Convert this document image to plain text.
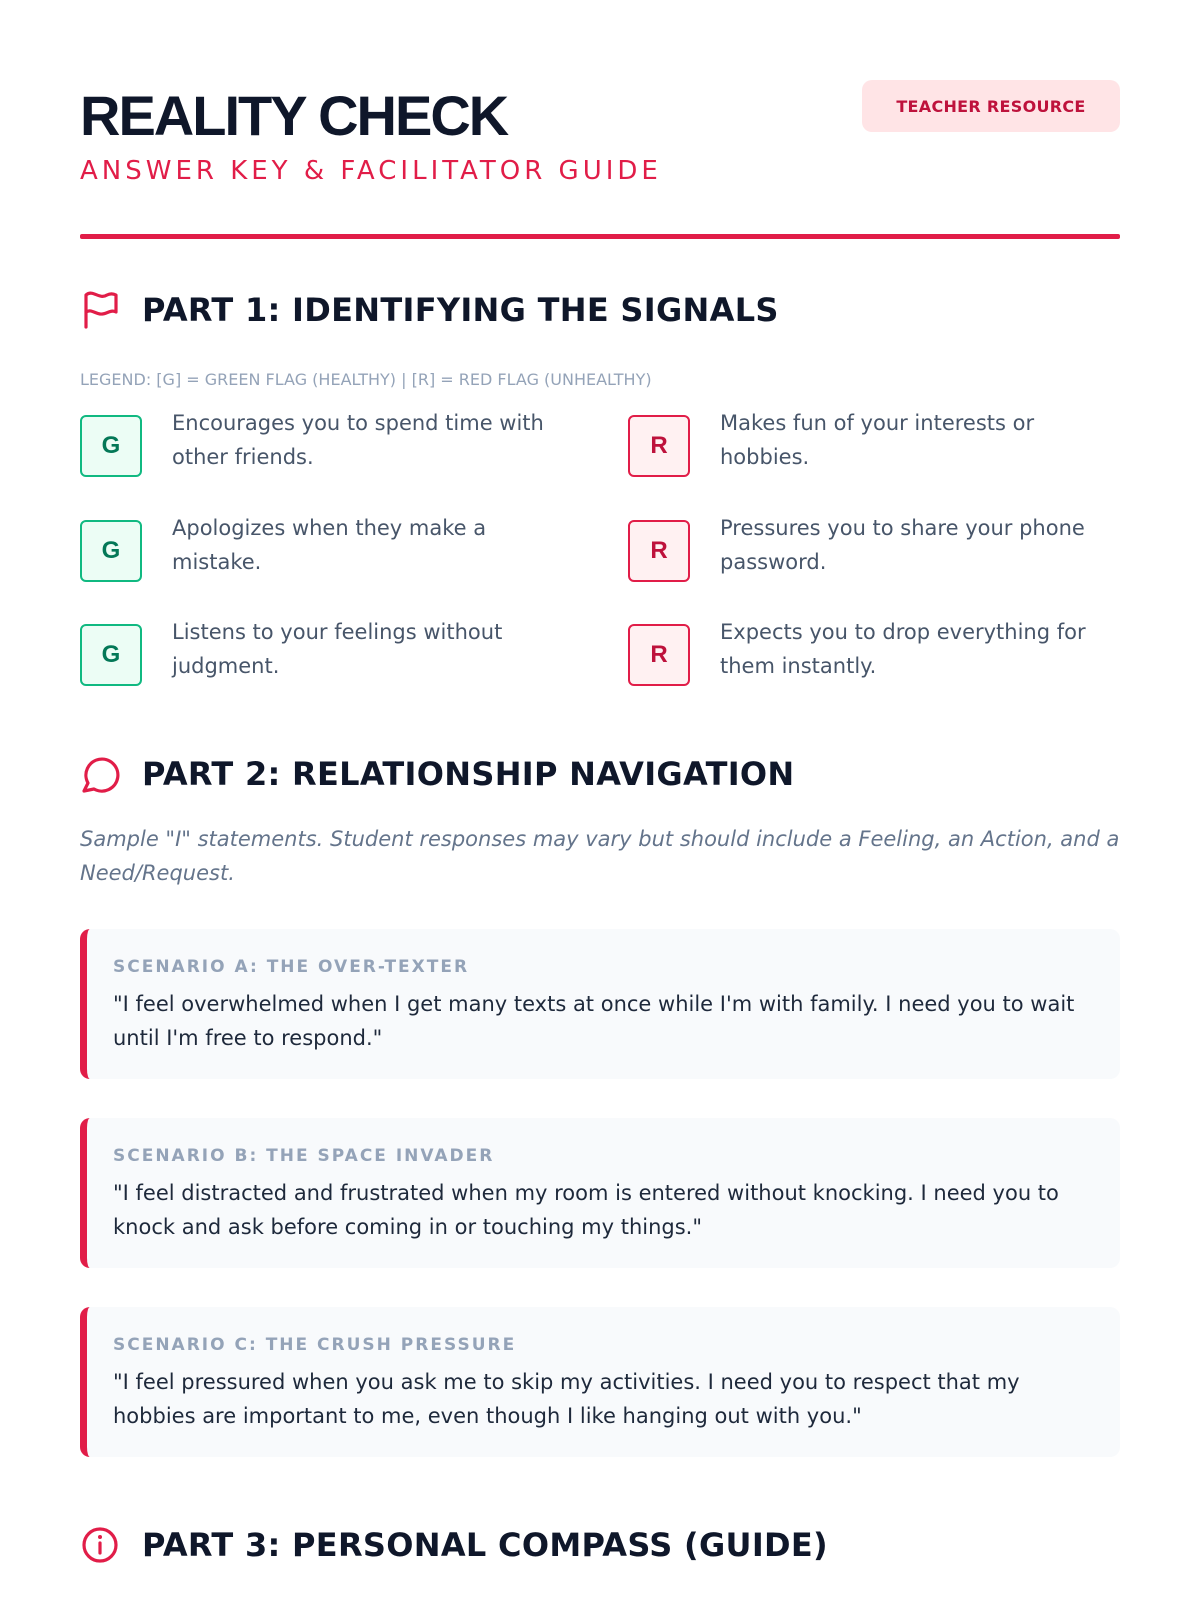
REALITY CHECK
ANSWER KEY & FACILITATOR GUIDE
TEACHER RESOURCE
PART 1: IDENTIFYING THE SIGNALS
LEGEND: [G] = GREEN FLAG (HEALTHY) | [R] = RED FLAG (UNHEALTHY)
G
Encourages you to spend time with other friends.
G
Apologizes when they make a mistake.
G
Listens to your feelings without judgment.
R
Makes fun of your interests or hobbies.
R
Pressures you to share your phone password.
R
Expects you to drop everything for them instantly.
PART 2: RELATIONSHIP NAVIGATION

Sample "I" statements. Student responses may vary but should include a Feeling, an Action, and a Need/Request.

SCENARIO A: THE OVER-TEXTER
"I feel overwhelmed when I get many texts at once while I'm with family. I need you to wait until I'm free to respond."
SCENARIO B: THE SPACE INVADER
"I feel distracted and frustrated when my room is entered without knocking. I need you to knock and ask before coming in or touching my things."
SCENARIO C: THE CRUSH PRESSURE
"I feel pressured when you ask me to skip my activities. I need you to respect that my hobbies are important to me, even though I like hanging out with you."
PART 3: PERSONAL COMPASS (GUIDE)
